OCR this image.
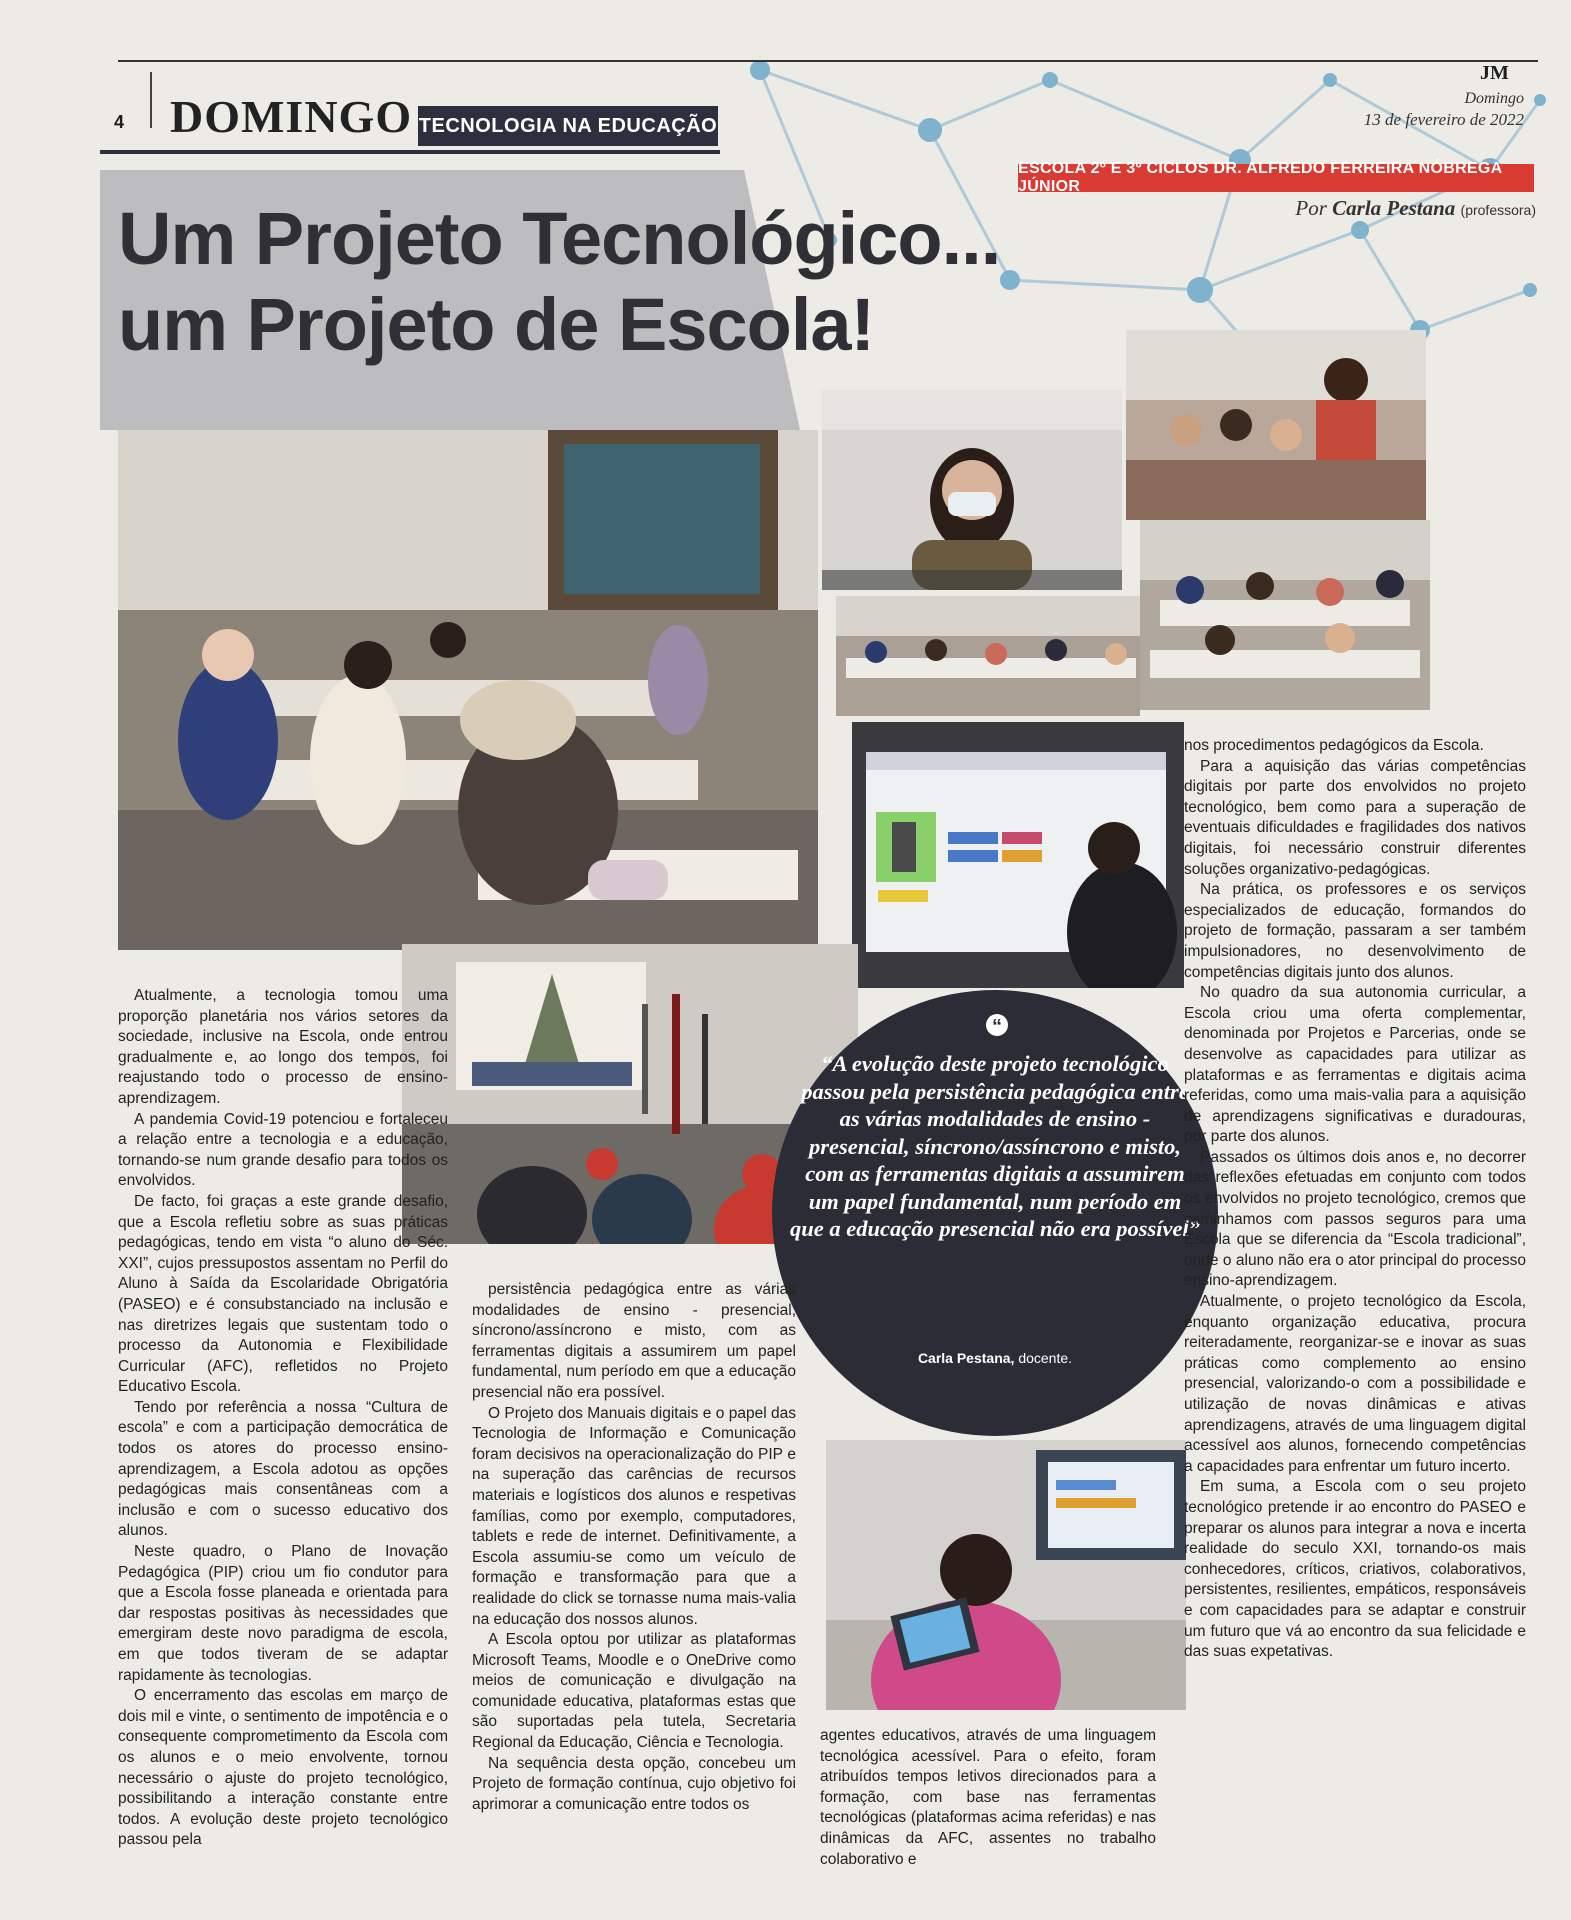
4 DOMINGO TECNOLOGIA NA EDUCAÇÃO
JM
Domingo
13 de fevereiro de 2022
ESCOLA 2º E 3º CICLOS DR. ALFREDO FERREIRA NÓBREGA JÚNIOR
Por Carla Pestana (professora)
Um Projeto Tecnológico...
um Projeto de Escola!
“
“A evolução deste projeto tecnológico passou pela persistência pedagógica entre as várias modalidades de ensino - presencial, síncrono/assíncrono e misto, com as ferramentas digitais a assumirem um papel fundamental, num período em que a educação presencial não era possível”
Carla Pestana, docente.

Atualmente, a tecnologia tomou uma proporção planetária nos vários setores da sociedade, inclusive na Escola, onde entrou gradualmente e, ao longo dos tempos, foi reajustando todo o processo de ensino-aprendizagem.

A pandemia Covid-19 potenciou e fortaleceu a relação entre a tecnologia e a educação, tornando-se num grande desafio para todos os envolvidos.

De facto, foi graças a este grande desafio, que a Escola refletiu sobre as suas práticas pedagógicas, tendo em vista “o aluno do Séc. XXI”, cujos pressupostos assentam no Perfil do Aluno à Saída da Escolaridade Obrigatória (PASEO) e é consubstanciado na inclusão e nas diretrizes legais que sustentam todo o processo da Autonomia e Flexibilidade Curricular (AFC), refletidos no Projeto Educativo Escola.

Tendo por referência a nossa “Cultura de escola” e com a participação democrática de todos os atores do processo ensino-aprendizagem, a Escola adotou as opções pedagógicas mais consentâneas com a inclusão e com o sucesso educativo dos alunos.

Neste quadro, o Plano de Inovação Pedagógica (PIP) criou um fio condutor para que a Escola fosse planeada e orientada para dar respostas positivas às necessidades que emergiram deste novo paradigma de escola, em que todos tiveram de se adaptar rapidamente às tecnologias.

O encerramento das escolas em março de dois mil e vinte, o sentimento de impotência e o consequente comprometimento da Escola com os alunos e o meio envolvente, tornou necessário o ajuste do projeto tecnológico, possibilitando a interação constante entre todos. A evolução deste projeto tecnológico passou pela

persistência pedagógica entre as várias modalidades de ensino - presencial, síncrono/assíncrono e misto, com as ferramentas digitais a assumirem um papel fundamental, num período em que a educação presencial não era possível.

O Projeto dos Manuais digitais e o papel das Tecnologia de Informação e Comunicação foram decisivos na operacionalização do PIP e na superação das carências de recursos materiais e logísticos dos alunos e respetivas famílias, como por exemplo, computadores, tablets e rede de internet. Definitivamente, a Escola assumiu-se como um veículo de formação e transformação para que a realidade do click se tornasse numa mais-valia na educação dos nossos alunos.

A Escola optou por utilizar as plataformas Microsoft Teams, Moodle e o OneDrive como meios de comunicação e divulgação na comunidade educativa, plataformas estas que são suportadas pela tutela, Secretaria Regional da Educação, Ciência e Tecnologia.

Na sequência desta opção, concebeu um Projeto de formação contínua, cujo objetivo foi aprimorar a comunicação entre todos os

agentes educativos, através de uma linguagem tecnológica acessível. Para o efeito, foram atribuídos tempos letivos direcionados para a formação, com base nas ferramentas tecnológicas (plataformas acima referidas) e nas dinâmicas da AFC, assentes no trabalho colaborativo e

nos procedimentos pedagógicos da Escola.

Para a aquisição das várias competências digitais por parte dos envolvidos no projeto tecnológico, bem como para a superação de eventuais dificuldades e fragilidades dos nativos digitais, foi necessário construir diferentes soluções organizativo-pedagógicas.

Na prática, os professores e os serviços especializados de educação, formandos do projeto de formação, passaram a ser também impulsionadores, no desenvolvimento de competências digitais junto dos alunos.

No quadro da sua autonomia curricular, a Escola criou uma oferta complementar, denominada por Projetos e Parcerias, onde se desenvolve as capacidades para utilizar as plataformas e as ferramentas e digitais acima referidas, como uma mais-valia para a aquisição de aprendizagens significativas e duradouras, por parte dos alunos.

Passados os últimos dois anos e, no decorrer das reflexões efetuadas em conjunto com todos os envolvidos no projeto tecnológico, cremos que caminhamos com passos seguros para uma Escola que se diferencia da “Escola tradicional”, onde o aluno não era o ator principal do processo ensino-aprendizagem.

Atualmente, o projeto tecnológico da Escola, enquanto organização educativa, procura reiteradamente, reorganizar-se e inovar as suas práticas como complemento ao ensino presencial, valorizando-o com a possibilidade e utilização de novas dinâmicas e ativas aprendizagens, através de uma linguagem digital acessível aos alunos, fornecendo competências a capacidades para enfrentar um futuro incerto.

Em suma, a Escola com o seu projeto tecnológico pretende ir ao encontro do PASEO e preparar os alunos para integrar a nova e incerta realidade do seculo XXI, tornando-os mais conhecedores, críticos, criativos, colaborativos, persistentes, resilientes, empáticos, responsáveis e com capacidades para se adaptar e construir um futuro que vá ao encontro da sua felicidade e das suas expetativas.
